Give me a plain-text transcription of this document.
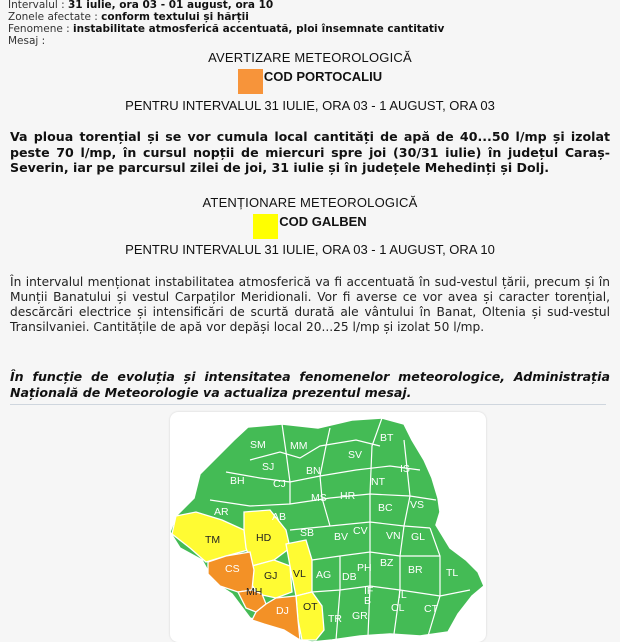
Intervalul : 31 iulie, ora 03 - 01 august, ora 10
Zonele afectate : conform textului și hărții
Fenomene : instabilitate atmosferică accentuată, ploi însemnate cantitativ
Mesaj :
AVERTIZARE METEOROLOGICĂ
COD PORTOCALIU
PENTRU INTERVALUL 31 IULIE, ORA 03 - 1 AUGUST, ORA 03
Va ploua torențial și se vor cumula local cantități de apă de 40...50 l/mp și izolat peste 70 l/mp, în cursul nopții de miercuri spre joi (30/31 iulie) în județul Caraș-Severin, iar pe parcursul zilei de joi, 31 iulie și în județele Mehedinți și Dolj.
ATENȚIONARE METEOROLOGICĂ
COD GALBEN
PENTRU INTERVALUL 31 IULIE, ORA 03 - 1 AUGUST, ORA 10
În intervalul menționat instabilitatea atmosferică va fi accentuată în sud-vestul țării, precum și în Munții Banatului și vestul Carpaților Meridionali. Vor fi averse ce vor avea și caracter torențial, descărcări electrice și intensificări de scurtă durată ale vântului în Banat, Oltenia și sud-vestul Transilvaniei. Cantitățile de apă vor depăși local 20...25 l/mp și izolat 50 l/mp.
În funcție de evoluția și intensitatea fenomenelor meteorologice, Administrația Națională de Meteorologie va actualiza prezentul mesaj.
SM MM
BT
SV
SJ	BN	IS
BH	CJ	NT
MS HR
BC VS
AR	AB
TM	HD	SB BV CV VN GL
CS
GJ VL AG DB
PH BZ
BR TL
MH	IF
B	IL
DJ OT
TR GR
CL CT
